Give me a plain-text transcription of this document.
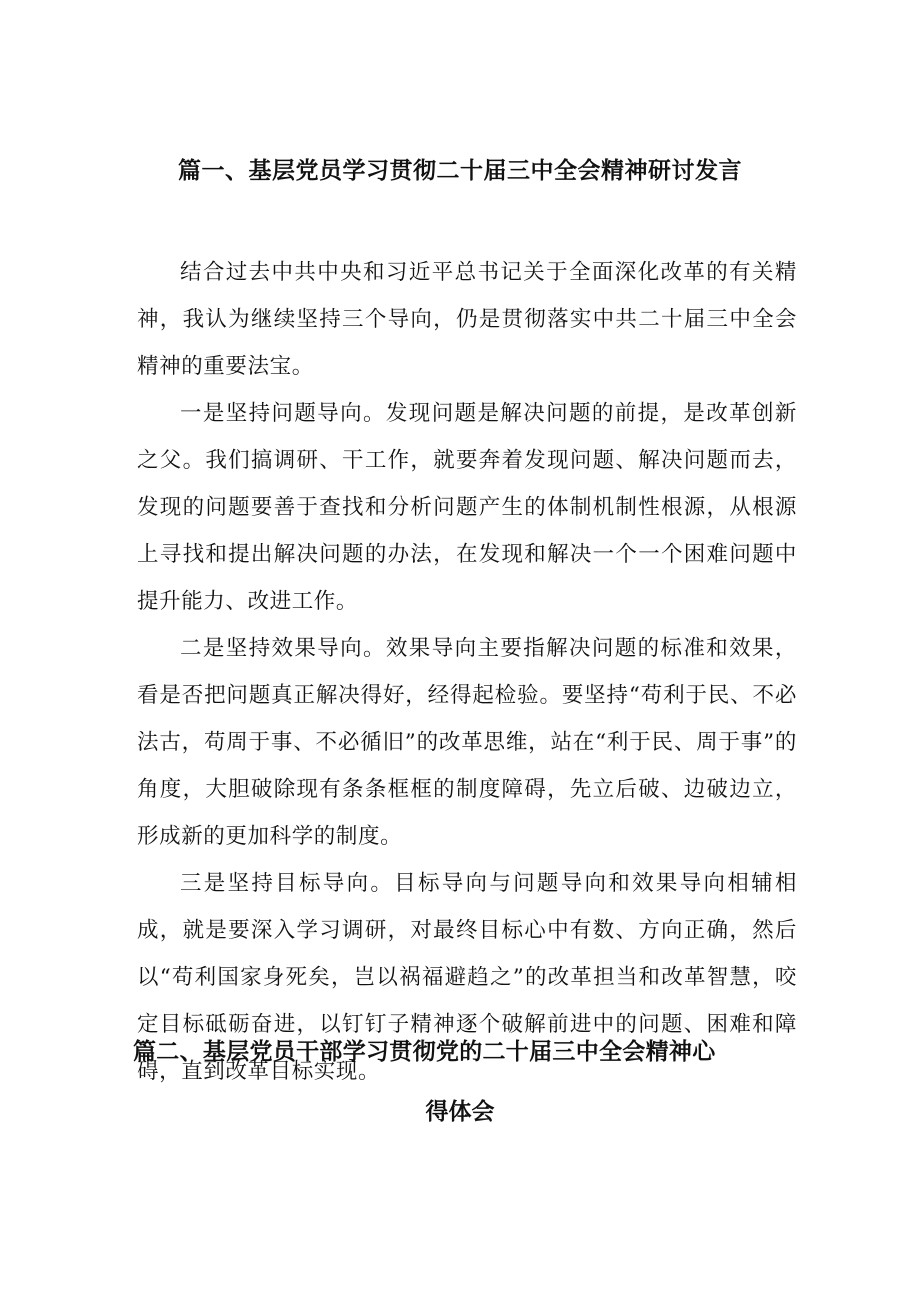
篇一、基层党员学习贯彻二十届三中全会精神研讨发言

结合过去中共中央和习近平总书记关于全面深化改革的有关精神，我认为继续坚持三个导向，仍是贯彻落实中共二十届三中全会精神的重要法宝。

一是坚持问题导向。发现问题是解决问题的前提，是改革创新之父。我们搞调研、干工作，就要奔着发现问题、解决问题而去，发现的问题要善于查找和分析问题产生的体制机制性根源，从根源上寻找和提出解决问题的办法，在发现和解决一个一个困难问题中提升能力、改进工作。

二是坚持效果导向。效果导向主要指解决问题的标准和效果，看是否把问题真正解决得好，经得起检验。要坚持“苟利于民、不必法古，苟周于事、不必循旧”的改革思维，站在“利于民、周于事”的角度，大胆破除现有条条框框的制度障碍，先立后破、边破边立，形成新的更加科学的制度。

三是坚持目标导向。目标导向与问题导向和效果导向相辅相成，就是要深入学习调研，对最终目标心中有数、方向正确，然后以“苟利国家身死矣，岂以祸福避趋之”的改革担当和改革智慧，咬定目标砥砺奋进，以钉钉子精神逐个破解前进中的问题、困难和障碍，直到改革目标实现。

篇二、基层党员干部学习贯彻党的二十届三中全会精神心
得体会
